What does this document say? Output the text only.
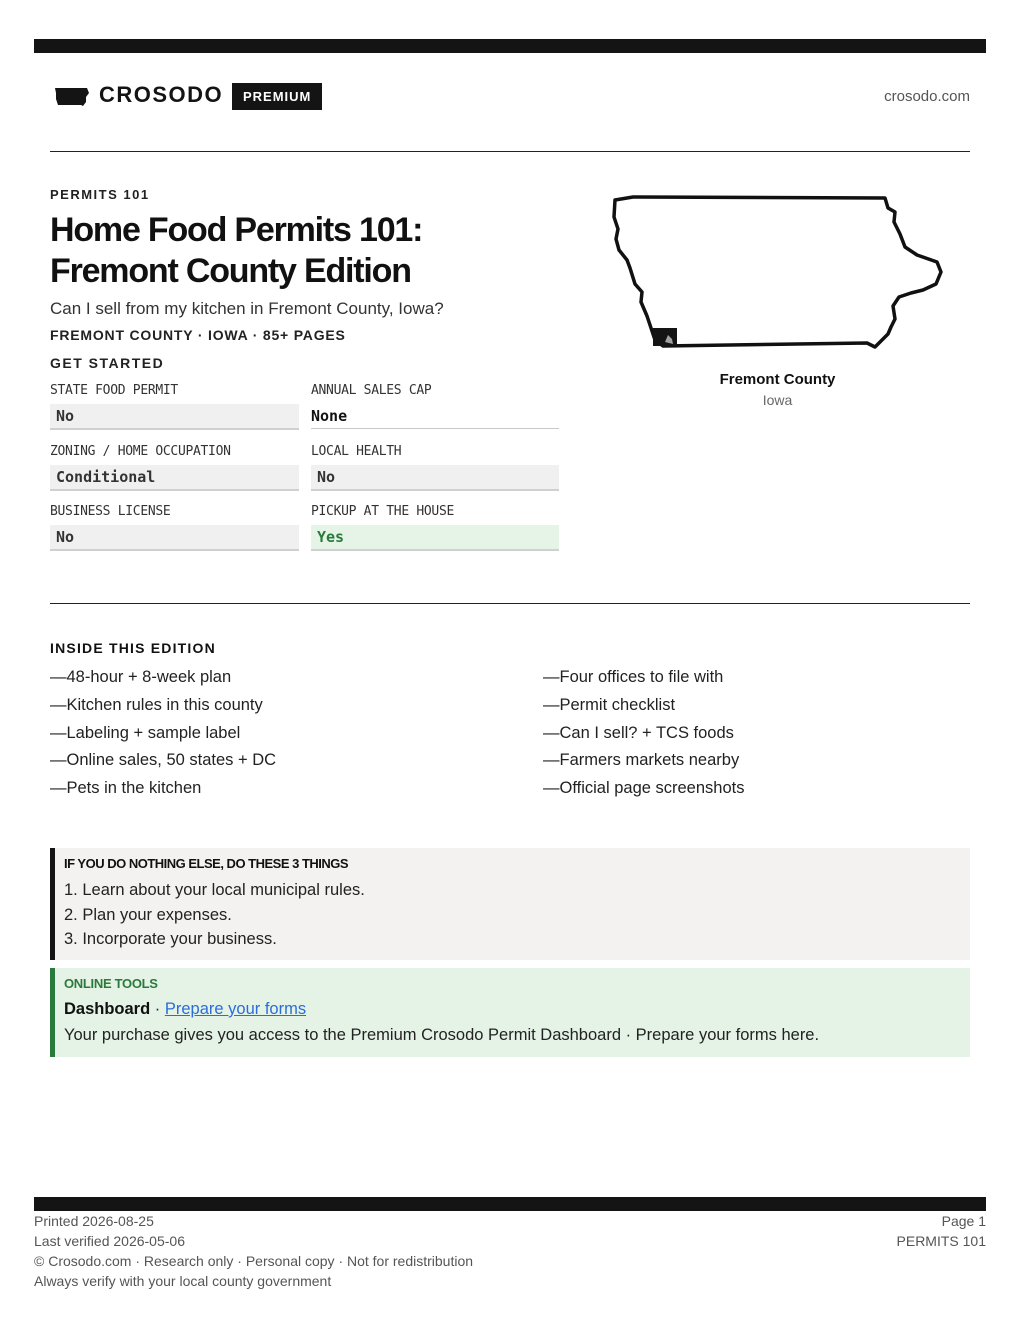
CROSODO	PREMIUM	crosodo.com
PERMITS 101
Home Food Permits 101:
Fremont County Edition
Can I sell from my kitchen in Fremont County, Iowa?
FREMONT COUNTY · IOWA · 85+ PAGES
GET STARTED
STATE FOOD PERMIT
No
ANNUAL SALES CAP
None
ZONING / HOME OCCUPATION
Conditional
LOCAL HEALTH
No
BUSINESS LICENSE
No
PICKUP AT THE HOUSE
Yes
Fremont County
Iowa
INSIDE THIS EDITION
—48-hour + 8-week plan
—Kitchen rules in this county
—Labeling + sample label
—Online sales, 50 states + DC
—Pets in the kitchen
—Four offices to file with
—Permit checklist
—Can I sell? + TCS foods
—Farmers markets nearby
—Official page screenshots
IF YOU DO NOTHING ELSE, DO THESE 3 THINGS
1. Learn about your local municipal rules.
2. Plan your expenses.
3. Incorporate your business.
ONLINE TOOLS
Dashboard · Prepare your forms
Your purchase gives you access to the Premium Crosodo Permit Dashboard · Prepare your forms here.
Printed 2026-08-25
Last verified 2026-05-06
© Crosodo.com · Research only · Personal copy · Not for redistribution
Always verify with your local county government
Page 1
PERMITS 101
